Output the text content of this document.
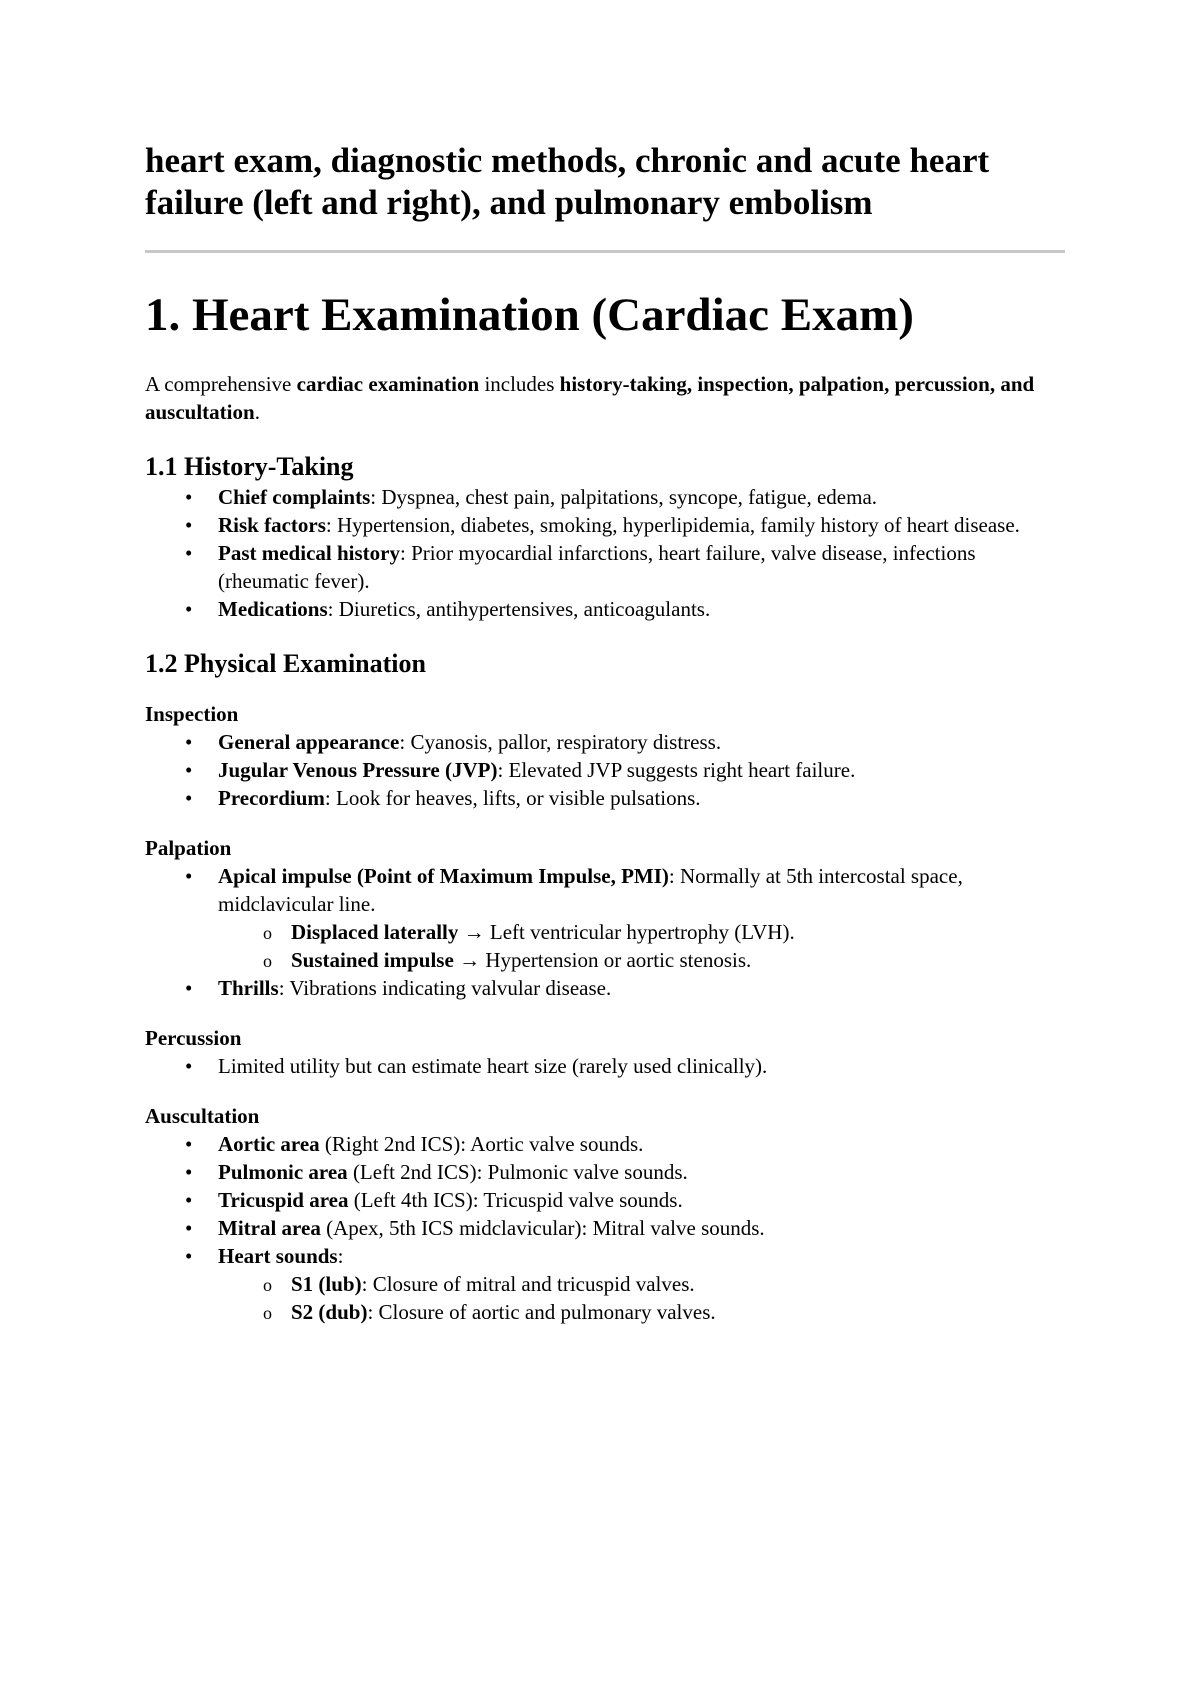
heart exam, diagnostic methods, chronic and acute heart failure (left and right), and pulmonary embolism

1. Heart Examination (Cardiac Exam)

A comprehensive cardiac examination includes history-taking, inspection, palpation, percussion, and auscultation.

1.1 History-Taking
• Chief complaints: Dyspnea, chest pain, palpitations, syncope, fatigue, edema.
• Risk factors: Hypertension, diabetes, smoking, hyperlipidemia, family history of heart disease.
• Past medical history: Prior myocardial infarctions, heart failure, valve disease, infections (rheumatic fever).
• Medications: Diuretics, antihypertensives, anticoagulants.
1.2 Physical Examination
Inspection
• General appearance: Cyanosis, pallor, respiratory distress.
• Jugular Venous Pressure (JVP): Elevated JVP suggests right heart failure.
• Precordium: Look for heaves, lifts, or visible pulsations.
Palpation
• Apical impulse (Point of Maximum Impulse, PMI): Normally at 5th intercostal space, midclavicular line.
o Displaced laterally → Left ventricular hypertrophy (LVH).
o Sustained impulse → Hypertension or aortic stenosis.
• Thrills: Vibrations indicating valvular disease.
Percussion
• Limited utility but can estimate heart size (rarely used clinically).
Auscultation
• Aortic area (Right 2nd ICS): Aortic valve sounds.
• Pulmonic area (Left 2nd ICS): Pulmonic valve sounds.
• Tricuspid area (Left 4th ICS): Tricuspid valve sounds.
• Mitral area (Apex, 5th ICS midclavicular): Mitral valve sounds.
• Heart sounds:
o S1 (lub): Closure of mitral and tricuspid valves.
o S2 (dub): Closure of aortic and pulmonary valves.
